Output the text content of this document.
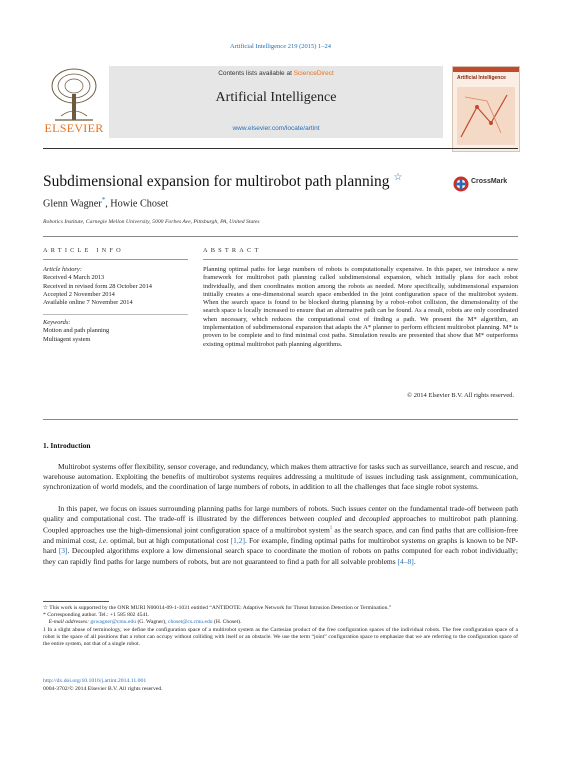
Artificial Intelligence 219 (2015) 1–24
ELSEVIER
Contents lists available at ScienceDirect
Artificial Intelligence
www.elsevier.com/locate/artint
Artificial Intelligence
Subdimensional expansion for multirobot path planning ☆	CrossMark
Glenn Wagner*, Howie Choset
Robotics Institute, Carnegie Mellon University, 5000 Forbes Ave, Pittsburgh, PA, United States
ARTICLE INFO	ABSTRACT
Article history:
Received 4 March 2013
Received in revised form 28 October 2014
Accepted 2 November 2014
Available online 7 November 2014
Keywords:
Motion and path planning
Multiagent system
Planning optimal paths for large numbers of robots is computationally expensive. In this paper, we introduce a new framework for multirobot path planning called subdimensional expansion, which initially plans for each robot individually, and then coordinates motion among the robots as needed. More specifically, subdimensional expansion initially creates a one-dimensional search space embedded in the joint configuration space of the multirobot system. When the search space is found to be blocked during planning by a robot–robot collision, the dimensionality of the search space is locally increased to ensure that an alternative path can be found. As a result, robots are only coordinated when necessary, which reduces the computational cost of finding a path. We present the M* algorithm, an implementation of subdimensional expansion that adapts the A* planner to perform efficient multirobot planning. M* is proven to be complete and to find minimal cost paths. Simulation results are presented that show that M* outperforms existing optimal multirobot path planning algorithms.
© 2014 Elsevier B.V. All rights reserved.
1. Introduction
  Multirobot systems offer flexibility, sensor coverage, and redundancy, which makes them attractive for tasks such as surveillance, search and rescue, and warehouse automation. Exploiting the benefits of multirobot systems requires addressing a multitude of issues including task assignment, communication, synchronization of world models, and the coordination of large numbers of robots, in addition to all the challenges that face single robot systems.
  In this paper, we focus on issues surrounding planning paths for large numbers of robots. Such issues center on the fundamental trade-off between path quality and computational cost. The trade-off is illustrated by the differences between coupled and decoupled approaches to multirobot path planning. Coupled approaches use the high-dimensional joint configuration space of a multirobot system$^1$ as the search space, and can find paths that are collision-free and minimal cost, i.e. optimal, but at high computational cost [1,2]. For example, finding optimal paths for multirobot systems on graphs is known to be NP-hard [3]. Decoupled algorithms explore a low dimensional search space to coordinate the motion of robots on paths computed for each robot individually; they can rapidly find paths for large numbers of robots, but are not guaranteed to find a path for all solvable problems [4–8].

☆ This work is supported by the ONR MURI N00014-09-1-1031 entitled “ANTIDOTE: Adaptive Network for Threat Intrusion Detection or Termination.”

* Corresponding author. Tel.: +1 585 802 4541.

 E-mail addresses: gswagner@cmu.edu (G. Wagner), choset@cs.cmu.edu (H. Choset).

1 In a slight abuse of terminology, we define the configuration space of a multirobot system as the Cartesian product of the free configuration spaces of the individual robots. The free configuration space of a robot is the space of all positions that a robot can occupy without colliding with itself or an obstacle. We use the term “joint” configuration space to emphasize that we are referring to the configuration space of the entire system, not that of a single robot.

http://dx.doi.org/10.1016/j.artint.2014.11.001
0004-3702/© 2014 Elsevier B.V. All rights reserved.
